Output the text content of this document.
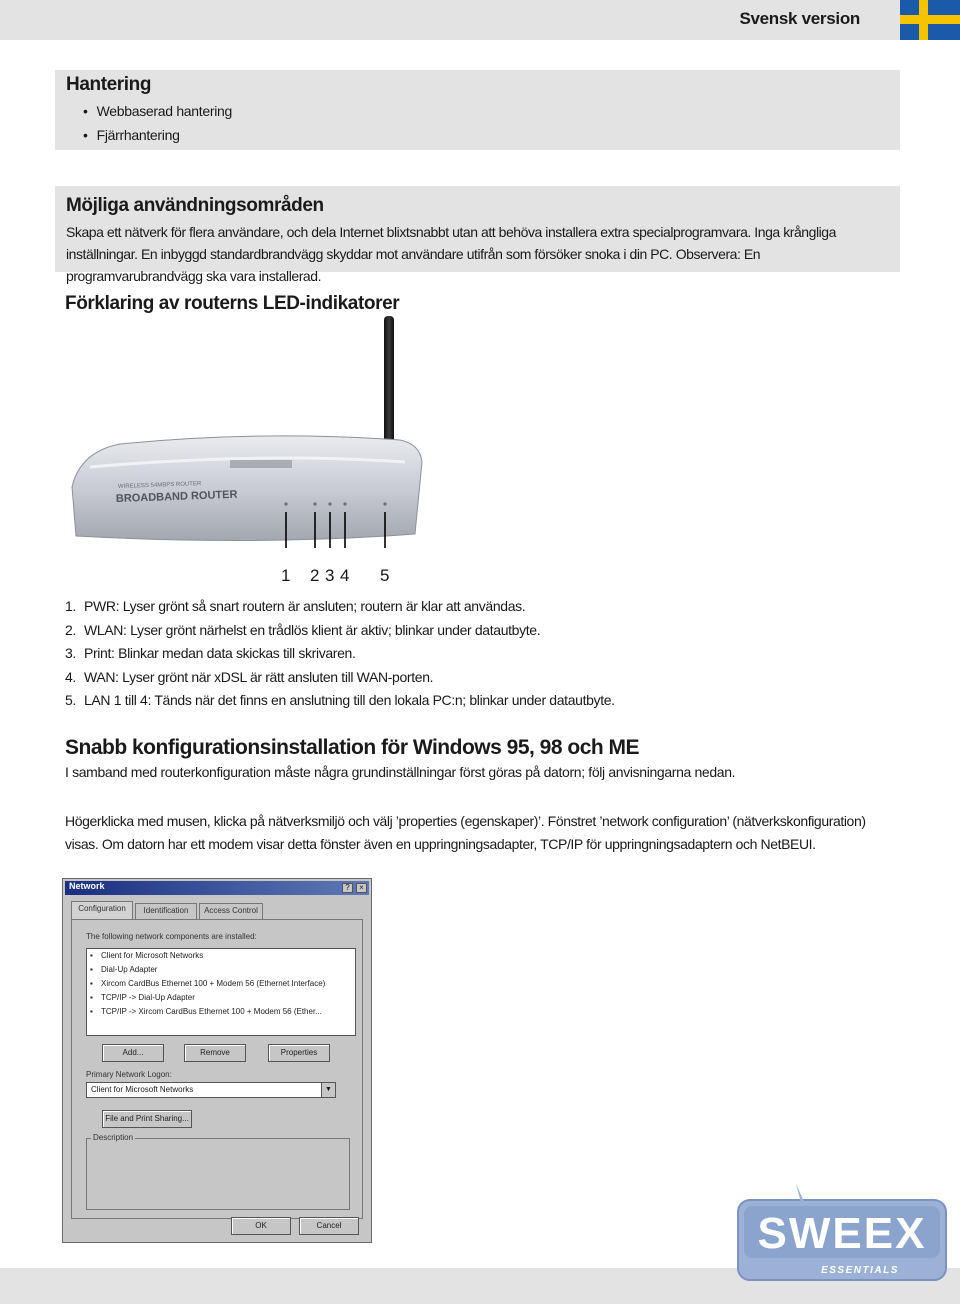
Svensk version
Hantering
• Webbaserad hantering
• Fjärrhantering
Möjliga användningsområden

Skapa ett nätverk för flera användare, och dela Internet blixtsnabbt utan att behöva installera extra specialprogramvara. Inga krångliga inställningar. En inbyggd standardbrandvägg skyddar mot användare utifrån som försöker snoka i din PC. Observera: En programvarubrandvägg ska vara installerad.

Förklaring av routerns LED-indikatorer
BROADBAND ROUTER
WIRELESS 54MBPS ROUTER
1 2 3 4 5
1. PWR: Lyser grönt så snart routern är ansluten; routern är klar att användas.
2. WLAN: Lyser grönt närhelst en trådlös klient är aktiv; blinkar under datautbyte.
3. Print: Blinkar medan data skickas till skrivaren.
4. WAN: Lyser grönt när xDSL är rätt ansluten till WAN-porten.
5. LAN 1 till 4: Tänds när det finns en anslutning till den lokala PC:n; blinkar under datautbyte.
Snabb konfigurationsinstallation för Windows 95, 98 och ME

I samband med routerkonfiguration måste några grundinställningar först göras på datorn; följ anvisningarna nedan.

Högerklicka med musen, klicka på nätverksmiljö och välj ’properties (egenskaper)’. Fönstret ’network configuration’ (nätverkskonfiguration) visas. Om datorn har ett modem visar detta fönster även en uppringningsadapter, TCP/IP för uppringningsadaptern och NetBEUI.

Network	?	×
Configuration	Identification	Access Control
The following network components are installed:
▪ Client for Microsoft Networks
▪ Dial-Up Adapter
▪ Xircom CardBus Ethernet 100 + Modem 56 (Ethernet Interface)
▪ TCP/IP -> Dial-Up Adapter
▪ TCP/IP -> Xircom CardBus Ethernet 100 + Modem 56 (Ether...
Add...	Remove	Properties
Primary Network Logon:
Client for Microsoft Networks	▼
File and Print Sharing...
Description
OK	Cancel	SWEEX
ESSENTIALS
